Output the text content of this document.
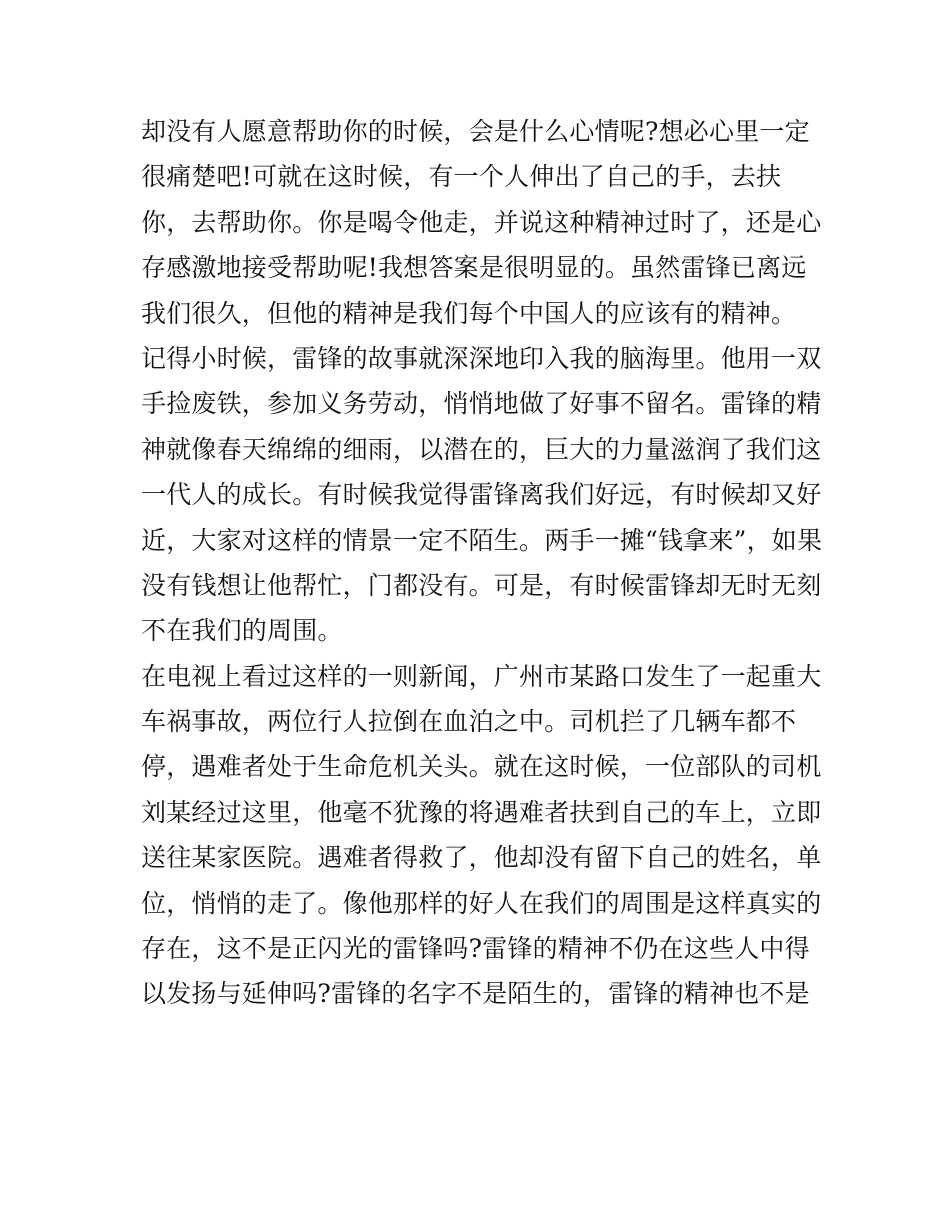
却没有人愿意帮助你的时候，会是什么心情呢?想必心里一定
很痛楚吧!可就在这时候，有一个人伸出了自己的手，去扶
你，去帮助你。你是喝令他走，并说这种精神过时了，还是心
存感激地接受帮助呢!我想答案是很明显的。虽然雷锋已离远
我们很久，但他的精神是我们每个中国人的应该有的精神。
记得小时候，雷锋的故事就深深地印入我的脑海里。他用一双
手捡废铁，参加义务劳动，悄悄地做了好事不留名。雷锋的精
神就像春天绵绵的细雨，以潜在的，巨大的力量滋润了我们这
一代人的成长。有时候我觉得雷锋离我们好远，有时候却又好
近，大家对这样的情景一定不陌生。两手一摊“钱拿来”，如果
没有钱想让他帮忙，门都没有。可是，有时候雷锋却无时无刻
不在我们的周围。
在电视上看过这样的一则新闻，广州市某路口发生了一起重大
车祸事故，两位行人拉倒在血泊之中。司机拦了几辆车都不
停，遇难者处于生命危机关头。就在这时候，一位部队的司机
刘某经过这里，他毫不犹豫的将遇难者扶到自己的车上，立即
送往某家医院。遇难者得救了，他却没有留下自己的姓名，单
位，悄悄的走了。像他那样的好人在我们的周围是这样真实的
存在，这不是正闪光的雷锋吗?雷锋的精神不仍在这些人中得
以发扬与延伸吗?雷锋的名字不是陌生的，雷锋的精神也不是
